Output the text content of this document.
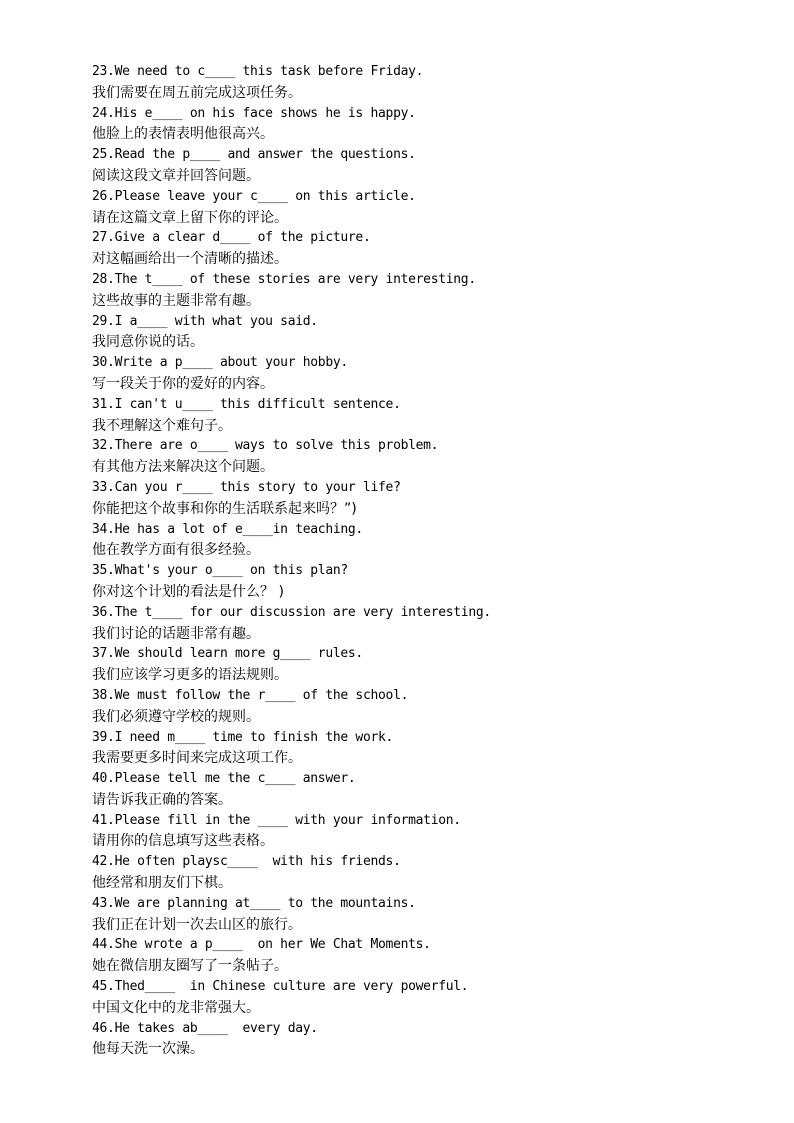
23.We need to c____ this task before Friday.
我们需要在周五前完成这项任务。
24.His e____ on his face shows he is happy.
他脸上的表情表明他很高兴。
25.Read the p____ and answer the questions.
阅读这段文章并回答问题。
26.Please leave your c____ on this article.
请在这篇文章上留下你的评论。
27.Give a clear d____ of the picture.
对这幅画给出一个清晰的描述。
28.The t____ of these stories are very interesting.
这些故事的主题非常有趣。
29.I a____ with what you said.
我同意你说的话。
30.Write a p____ about your hobby.
写一段关于你的爱好的内容。
31.I can't u____ this difficult sentence.
我不理解这个难句子。
32.There are o____ ways to solve this problem.
有其他方法来解决这个问题。
33.Can you r____ this story to your life?
你能把这个故事和你的生活联系起来吗？”)
34.He has a lot of e____in teaching.
他在教学方面有很多经验。
35.What's your o____ on this plan?
你对这个计划的看法是什么？ )
36.The t____ for our discussion are very interesting.
我们讨论的话题非常有趣。
37.We should learn more g____ rules.
我们应该学习更多的语法规则。
38.We must follow the r____ of the school.
我们必须遵守学校的规则。
39.I need m____ time to finish the work.
我需要更多时间来完成这项工作。
40.Please tell me the c____ answer.
请告诉我正确的答案。
41.Please fill in the ____ with your information.
请用你的信息填写这些表格。
42.He often playsc____  with his friends.
他经常和朋友们下棋。
43.We are planning at____ to the mountains.
我们正在计划一次去山区的旅行。
44.She wrote a p____  on her We Chat Moments.
她在微信朋友圈写了一条帖子。
45.Thed____  in Chinese culture are very powerful.
中国文化中的龙非常强大。
46.He takes ab____  every day.
他每天洗一次澡。
